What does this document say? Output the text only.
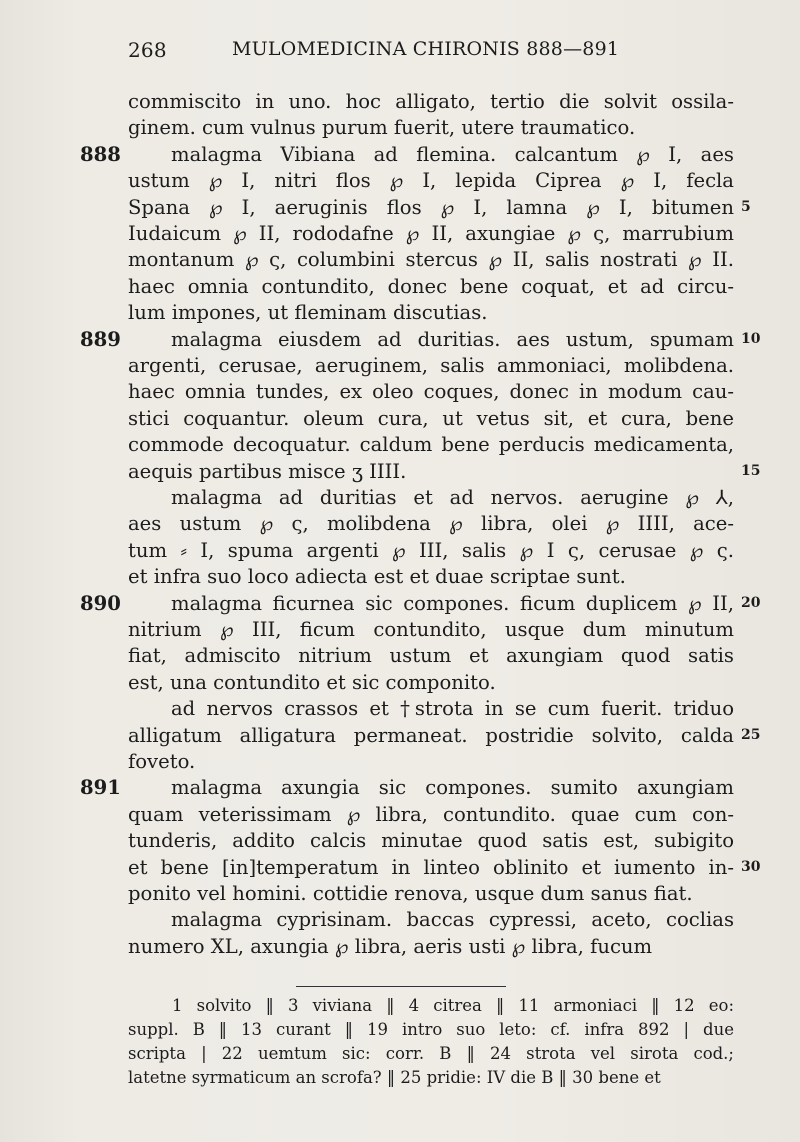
268	MULOMEDICINA CHIRONIS 888—891
commiscito in uno. hoc alligato, tertio die solvit ossila-
ginem. cum vulnus purum fuerit, utere traumatico.
malagma Vibiana ad flemina. calcantum ℘ I, aes
888
ustum ℘ I, nitri flos ℘ I, lepida Ciprea ℘ I, fecla
Spana ℘ I, aeruginis flos ℘ I, lamna ℘ I, bitumen 5
Iudaicum ℘ II, rododafne ℘ II, axungiae ℘ ς, marrubium
montanum ℘ ς, columbini stercus ℘ II, salis nostrati ℘ II.
haec omnia contundito, donec bene coquat, et ad circu-
lum impones, ut fleminam discutias.
malagma eiusdem ad duritias. aes ustum, spumam
889	10
argenti, cerusae, aeruginem, salis ammoniaci, molibdena.
haec omnia tundes, ex oleo coques, donec in modum cau-
stici coquantur. oleum cura, ut vetus sit, et cura, bene
commode decoquatur. caldum bene perducis medicamenta,
aequis partibus misce ʒ IIII.	15
malagma ad duritias et ad nervos. aerugine ℘ ⅄,
aes ustum ℘ ς, molibdena ℘ libra, olei ℘ IIII, ace-
tum ⸗ I, spuma argenti ℘ III, salis ℘ I ς, cerusae ℘ ς.
et infra suo loco adiecta est et duae scriptae sunt.
malagma ficurnea sic compones. ficum duplicem ℘ II,
890	20
nitrium ℘ III, ficum contundito, usque dum minutum
fiat, admiscito nitrium ustum et axungiam quod satis
est, una contundito et sic componito.
ad nervos crassos et †strota in se cum fuerit. triduo
alligatum alligatura permaneat. postridie solvito, calda 25
foveto.
malagma axungia sic compones. sumito axungiam
891
quam veterissimam ℘ libra, contundito. quae cum con-
tunderis, addito calcis minutae quod satis est, subigito
et bene [in]temperatum in linteo oblinito et iumento in- 30
ponito vel homini. cottidie renova, usque dum sanus fiat.
malagma cyprisinam. baccas cypressi, aceto, coclias
numero XL, axungia ℘ libra, aeris usti ℘ libra, fucum
1 solvito ‖ 3 viviana ‖ 4 citrea ‖ 11 armoniaci ‖ 12 eo:
suppl. B ‖ 13 curant ‖ 19 intro suo leto: cf. infra 892 | due
scripta | 22 uemtum sic: corr. B ‖ 24 strota vel sirota cod.;
latetne syrmaticum an scrofa? ‖ 25 pridie: IV die B ‖ 30 bene et
